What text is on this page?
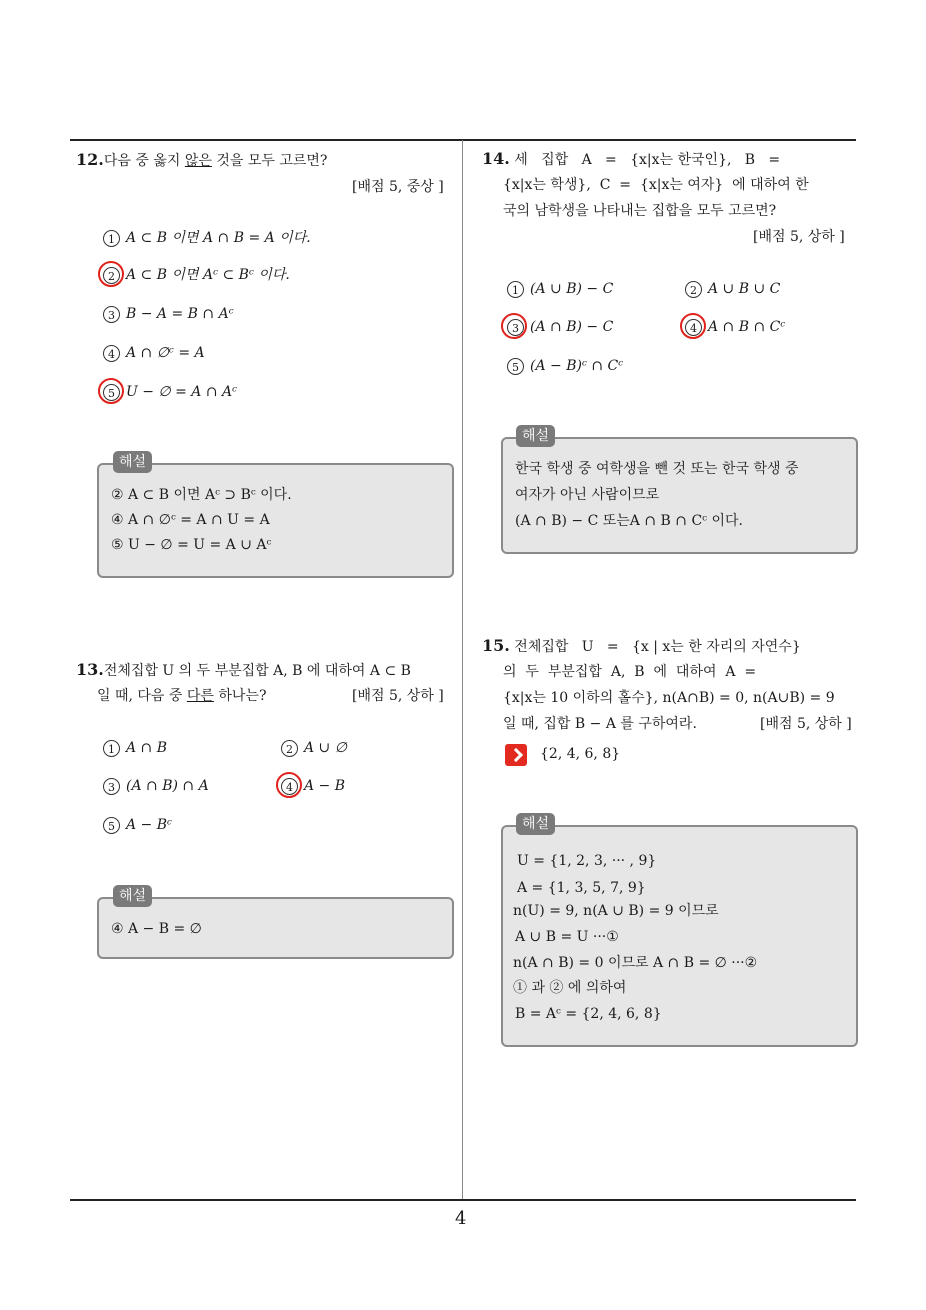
4
12.다음 중 옳지 않은 것을 모두 고르면?
[배점 5, 중상 ]
1 A ⊂ B 이면 A ∩ B = A 이다.
2 A ⊂ B 이면 Aᶜ ⊂ Bᶜ 이다.
3 B − A = B ∩ Aᶜ
4 A ∩ ∅ᶜ = A
5 U − ∅ = A ∩ Aᶜ
② A ⊂ B 이면 Aᶜ ⊃ Bᶜ 이다.
④ A ∩ ∅ᶜ = A ∩ U = A
⑤ U − ∅ = U = A ∪ Aᶜ
해설
13.전체집합 U 의 두 부분집합 A, B 에 대하여 A ⊂ B
일 때, 다음 중 다른 하나는?	[배점 5, 상하 ]
1 A ∩ B	2 A ∪ ∅
3 (A ∩ B) ∩ A	4 A − B
5 A − Bᶜ
④ A − B = ∅
해설
14. 세   집합   A   =   {x|x는 한국인},   B   =
{x|x는 학생},  C  =  {x|x는 여자}  에 대하여 한
국의 남학생을 나타내는 집합을 모두 고르면?
[배점 5, 상하 ]
1 (A ∪ B) − C	2 A ∪ B ∪ C
3 (A ∩ B) − C	4 A ∩ B ∩ Cᶜ
5 (A − B)ᶜ ∩ Cᶜ
한국 학생 중 여학생을 뺀 것 또는 한국 학생 중
여자가 아닌 사람이므로
(A ∩ B) − C 또는A ∩ B ∩ Cᶜ 이다.
해설
15. 전체집합   U   =   {x | x는 한 자리의 자연수}
의  두  부분집합  A,  B  에  대하여  A  =
{x|x는 10 이하의 홀수}, n(A∩B) = 0, n(A∪B) = 9
일 때, 집합 B − A 를 구하여라.	[배점 5, 상하 ]
{2, 4, 6, 8}
U = {1, 2, 3, ··· , 9}
A = {1, 3, 5, 7, 9}
n(U) = 9, n(A ∪ B) = 9 이므로
A ∪ B = U ···①
n(A ∩ B) = 0 이므로 A ∩ B = ∅ ···②
① 과 ② 에 의하여
B = Aᶜ = {2, 4, 6, 8}
해설
